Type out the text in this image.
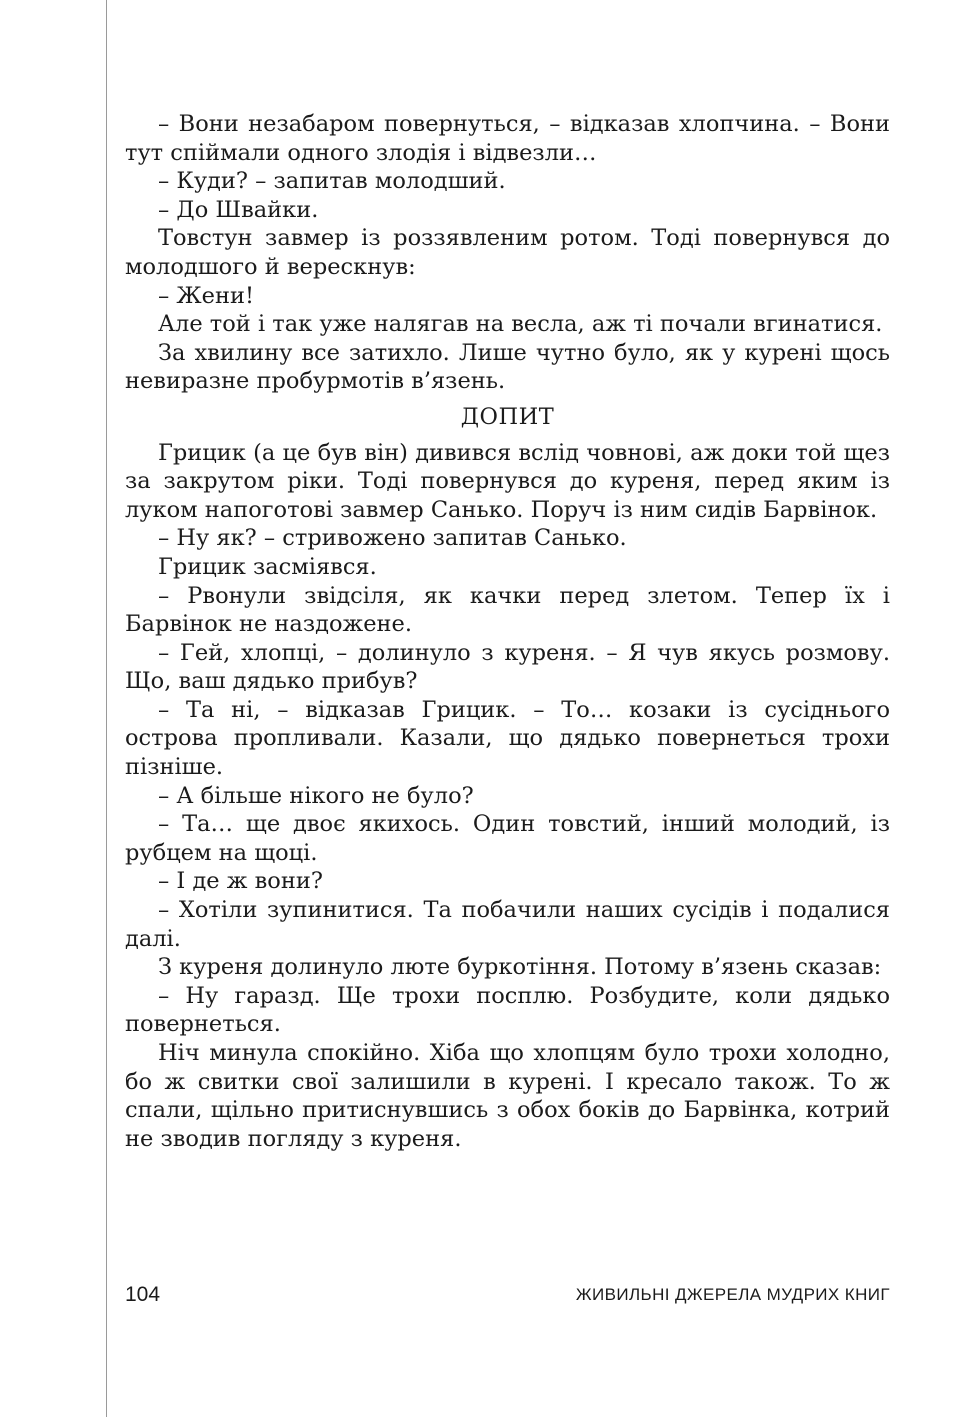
– Вони незабаром повернуться, – відказав хлопчина. – Вони тут спіймали одного злодія і відвезли…

– Куди? – запитав молодший.

– До Швайки.

Товстун завмер із роззявленим ротом. Тоді повернувся до молодшого й верескнув:

– Жени!

Але той і так уже налягав на весла, аж ті почали вгинатися.

За хвилину все затихло. Лише чутно було, як у курені щось невиразне пробурмотів в’язень.

ДОПИТ

Грицик (а це був він) дивився вслід човнові, аж доки той щез за закрутом ріки. Тоді повернувся до куреня, перед яким із луком напоготові завмер Санько. Поруч із ним сидів Барвінок.

– Ну як? – стривожено запитав Санько.

Грицик засміявся.

– Рвонули звідсіля, як качки перед злетом. Тепер їх і Барвінок не наздожене.

– Гей, хлопці, – долинуло з куреня. – Я чув якусь розмову. Що, ваш дядько прибув?

– Та ні, – відказав Грицик. – То… козаки із сусіднього острова пропливали. Казали, що дядько повернеться трохи пізніше.

– А більше нікого не було?

– Та… ще двоє якихось. Один товстий, інший молодий, із рубцем на щоці.

– І де ж вони?

– Хотіли зупинитися. Та побачили наших сусідів і подалися далі.

З куреня долинуло люте буркотіння. Потому в’язень сказав:

– Ну гаразд. Ще трохи посплю. Розбудите, коли дядько повернеться.

Ніч минула спокійно. Хіба що хлопцям було трохи холодно, бо ж свитки свої залишили в курені. І кресало також. То ж спали, щільно притиснувшись з обох боків до Барвінка, котрий не зводив погляду з куреня.

104	ЖИВИЛЬНІ ДЖЕРЕЛА МУДРИХ КНИГ
